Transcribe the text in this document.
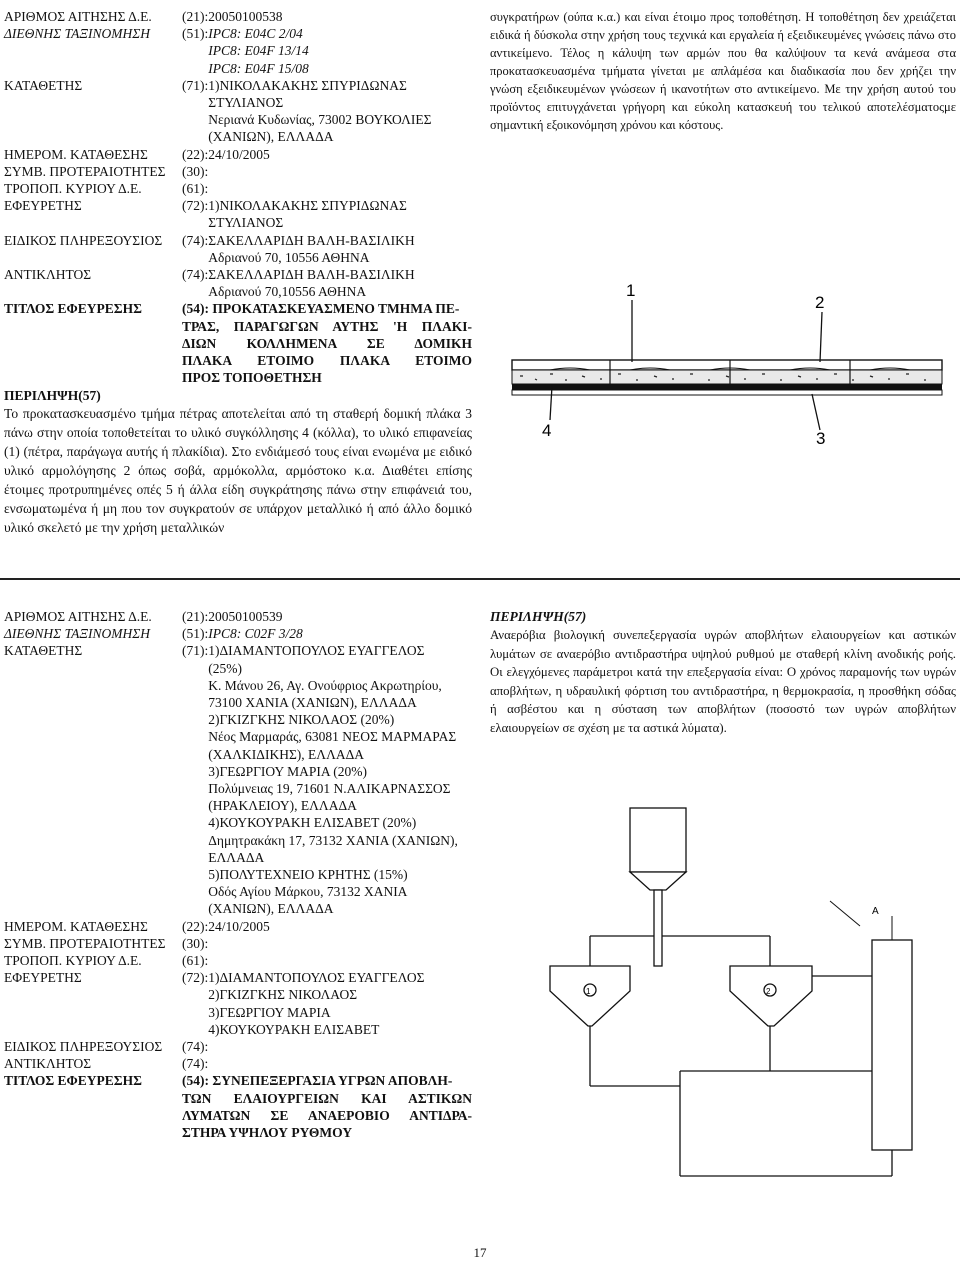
ΑΡΙΘΜΟΣ ΑΙΤΗΣΗΣ Δ.Ε.	(21): 20050100538
ΔΙΕΘΝΗΣ ΤΑΞΙΝΟΜΗΣΗ	(51): IPC8: E04C 2/04
IPC8: E04F 13/14
IPC8: E04F 15/08
ΚΑΤΑΘΕΤΗΣ	(71): 1)ΝΙΚΟΛΑΚΑΚΗΣ ΣΠΥΡΙΔΩΝΑΣ
ΣΤΥΛΙΑΝΟΣ
Νεριανά Κυδωνίας, 73002 ΒΟΥΚΟΛΙΕΣ
(ΧΑΝΙΩΝ), ΕΛΛΑΔΑ
ΗΜΕΡΟΜ. ΚΑΤΑΘΕΣΗΣ	(22): 24/10/2005
ΣΥΜΒ. ΠΡΟΤΕΡΑΙΟΤΗΤΕΣ	(30):
ΤΡΟΠΟΠ. ΚΥΡΙΟΥ Δ.Ε.	(61):
ΕΦΕΥΡΕΤΗΣ	(72): 1)ΝΙΚΟΛΑΚΑΚΗΣ ΣΠΥΡΙΔΩΝΑΣ
ΣΤΥΛΙΑΝΟΣ
ΕΙΔΙΚΟΣ ΠΛΗΡΕΞΟΥΣΙΟΣ	(74): ΣΑΚΕΛΛΑΡΙΔΗ ΒΑΛΗ-ΒΑΣΙΛΙΚΗ
Αδριανού 70, 10556 ΑΘΗΝΑ
ΑΝΤΙΚΛΗΤΟΣ	(74): ΣΑΚΕΛΛΑΡΙΔΗ ΒΑΛΗ-ΒΑΣΙΛΙΚΗ
Αδριανού 70,10556 ΑΘΗΝΑ
ΤΙΤΛΟΣ ΕΦΕΥΡΕΣΗΣ	(54): ΠΡΟΚΑΤΑΣΚΕΥΑΣΜΕΝΟ ΤΜΗΜΑ ΠΕ-
ΤΡΑΣ, ΠΑΡΑΓΩΓΩΝ ΑΥΤΗΣ 'Η ΠΛΑΚΙ-
ΔΙΩΝ ΚΟΛΛΗΜΕΝΑ ΣΕ ΔΟΜΙΚΗ
ΠΛΑΚΑ ΕΤΟΙΜΟ ΠΛΑΚΑ ΕΤΟΙΜΟ
ΠΡΟΣ ΤΟΠΟΘΕΤΗΣΗ
ΠΕΡΙΛΗΨΗ(57)
Το προκατασκευασμένο τμήμα πέτρας αποτελείται από τη σταθερή δομική πλάκα 3 πάνω στην οποία τοποθετείται το υλικό συγκόλλησης 4 (κόλλα), το υλικό επιφανείας (1) (πέτρα, παράγωγα αυτής ή πλακίδια). Στο ενδιάμεσό τους είναι ενωμένα με ειδικό υλικό αρμολόγησης 2 όπως σοβά, αρμόκολλα, αρμόστοκο κ.α. Διαθέτει επίσης έτοιμες προτρυπημένες οπές 5 ή άλλα είδη συγκράτησης πάνω στην επιφάνειά του, ενσωματωμένα ή μη που τον συγκρατούν σε υπάρχον μεταλλικό ή από άλλο δομικό υλικό σκελετό με την χρήση μεταλλικών
συγκρατήρων (ούπα κ.α.) και είναι έτοιμο προς τοποθέτηση. Η τοποθέτηση δεν χρειάζεται ειδικά ή δύσκολα στην χρήση τους τεχνικά και εργαλεία ή εξειδικευμένες γνώσεις πάνω στο αντικείμενο. Τέλος η κάλυψη των αρμών που θα καλύψουν τα κενά ανάμεσα στα προκατασκευασμένα τμήματα γίνεται με απλάμέσα και διαδικασία που δεν χρήζει την γνώση εξειδικευμένων γνώσεων ή ικανοτήτων στο αντικείμενο. Με την χρήση αυτού του προϊόντος επιτυγχάνεται γρήγορη και εύκολη κατασκευή του τελικού αποτελέσματοςμε σημαντική εξοικονόμηση χρόνου και κόστους.
1
2
4	3
ΑΡΙΘΜΟΣ ΑΙΤΗΣΗΣ Δ.Ε.	(21): 20050100539
ΔΙΕΘΝΗΣ ΤΑΞΙΝΟΜΗΣΗ	(51): IPC8: C02F 3/28
ΚΑΤΑΘΕΤΗΣ	(71): 1)ΔΙΑΜΑΝΤΟΠΟΥΛΟΣ ΕΥΑΓΓΕΛΟΣ
(25%)
Κ. Μάνου 26, Αγ. Ονούφριος Ακρωτηρίου,
73100 ΧΑΝΙΑ (ΧΑΝΙΩΝ), ΕΛΛΑΔΑ
2)ΓΚΙΖΓΚΗΣ ΝΙΚΟΛΑΟΣ (20%)
Νέος Μαρμαράς, 63081 ΝΕΟΣ ΜΑΡΜΑΡΑΣ
(ΧΑΛΚΙΔΙΚΗΣ), ΕΛΛΑΔΑ
3)ΓΕΩΡΓΙΟΥ ΜΑΡΙΑ (20%)
Πολύμνειας 19, 71601 Ν.ΑΛΙΚΑΡΝΑΣΣΟΣ
(ΗΡΑΚΛΕΙΟΥ), ΕΛΛΑΔΑ
4)ΚΟΥΚΟΥΡΑΚΗ ΕΛΙΣΑΒΕΤ (20%)
Δημητρακάκη 17, 73132 ΧΑΝΙΑ (ΧΑΝΙΩΝ),
ΕΛΛΑΔΑ
5)ΠΟΛΥΤΕΧΝΕΙΟ ΚΡΗΤΗΣ (15%)
Οδός Αγίου Μάρκου, 73132 ΧΑΝΙΑ
(ΧΑΝΙΩΝ), ΕΛΛΑΔΑ
ΗΜΕΡΟΜ. ΚΑΤΑΘΕΣΗΣ	(22): 24/10/2005
ΣΥΜΒ. ΠΡΟΤΕΡΑΙΟΤΗΤΕΣ	(30):
ΤΡΟΠΟΠ. ΚΥΡΙΟΥ Δ.Ε.	(61):
ΕΦΕΥΡΕΤΗΣ	(72): 1)ΔΙΑΜΑΝΤΟΠΟΥΛΟΣ ΕΥΑΓΓΕΛΟΣ
2)ΓΚΙΖΓΚΗΣ ΝΙΚΟΛΑΟΣ
3)ΓΕΩΡΓΙΟΥ ΜΑΡΙΑ
4)ΚΟΥΚΟΥΡΑΚΗ ΕΛΙΣΑΒΕΤ
ΕΙΔΙΚΟΣ ΠΛΗΡΕΞΟΥΣΙΟΣ	(74):
ΑΝΤΙΚΛΗΤΟΣ	(74):
ΤΙΤΛΟΣ ΕΦΕΥΡΕΣΗΣ	(54): ΣΥΝΕΠΕΞΕΡΓΑΣΙΑ ΥΓΡΩΝ ΑΠΟΒΛΗ-
ΤΩΝ ΕΛΑΙΟΥΡΓΕΙΩΝ ΚΑΙ ΑΣΤΙΚΩΝ
ΛΥΜΑΤΩΝ ΣΕ ΑΝΑΕΡΟΒΙΟ ΑΝΤΙΔΡΑ-
ΣΤΗΡΑ ΥΨΗΛΟΥ ΡΥΘΜΟΥ
ΠΕΡΙΛΗΨΗ(57)
Αναερόβια βιολογική συνεπεξεργασία υγρών αποβλήτων ελαιουργείων και αστικών λυμάτων σε αναερόβιο αντιδραστήρα υψηλού ρυθμού με σταθερή κλίνη ανοδικής ροής. Οι ελεγχόμενες παράμετροι κατά την επεξεργασία είναι: Ο χρόνος παραμονής των υγρών αποβλήτων, η υδραυλική φόρτιση του αντιδραστήρα, η θερμοκρασία, η προσθήκη σόδας ή ασβέστου και η σύσταση των αποβλήτων (ποσοστό των υγρών αποβλήτων ελαιουργείων σε σχέση με τα αστικά λύματα).
A
1	2
17
